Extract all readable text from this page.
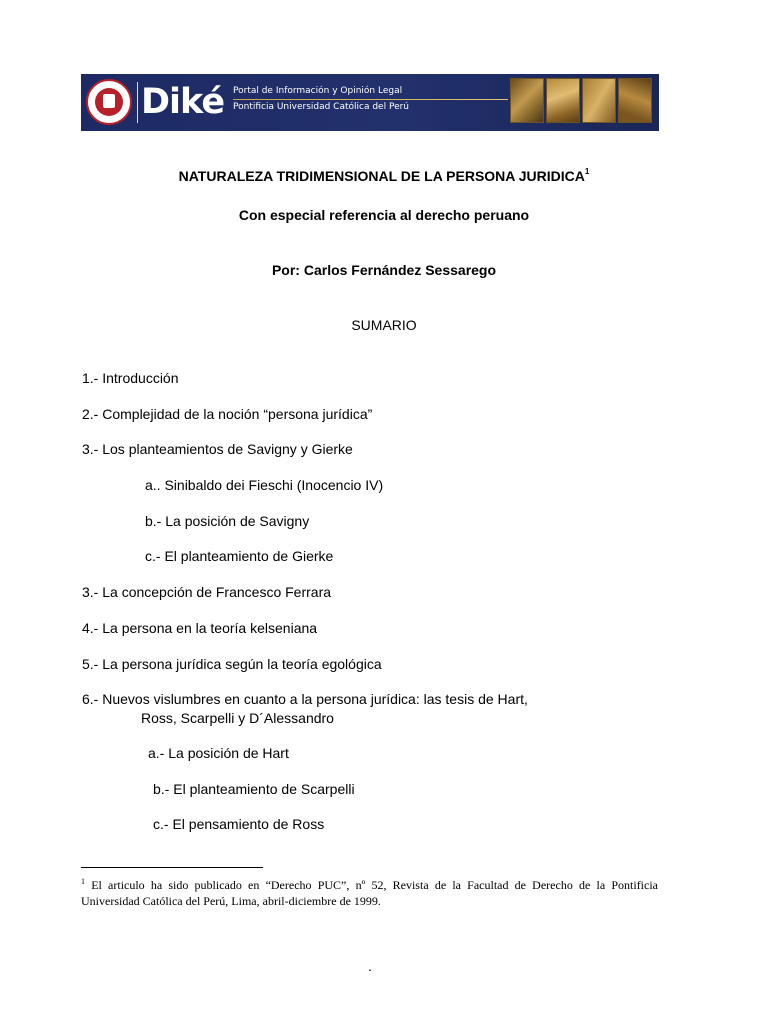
Diké Portal de Información y Opinión Legal
Pontificia Universidad Católica del Perú
NATURALEZA TRIDIMENSIONAL DE LA PERSONA JURIDICA$^1$
Con especial referencia al derecho peruano
Por: Carlos Fernández Sessarego
SUMARIO
1.- Introducción
2.- Complejidad de la noción “persona jurídica”
3.- Los planteamientos de Savigny y Gierke
a.. Sinibaldo dei Fieschi (Inocencio IV)
b.- La posición de Savigny
c.- El planteamiento de Gierke
3.- La concepción de Francesco Ferrara
4.- La persona en la teoría kelseniana
5.- La persona jurídica según la teoría egológica
6.- Nuevos vislumbres en cuanto a la persona jurídica: las tesis de Hart,
Ross, Scarpelli y D´Alessandro
a.- La posición de Hart
b.- El planteamiento de Scarpelli
c.- El pensamiento de Ross
$^1$ El articulo ha sido publicado en “Derecho PUC”, nº 52, Revista de la Facultad de Derecho de la Pontificia Universidad Católica del Perú, Lima, abril-diciembre de 1999.
.
